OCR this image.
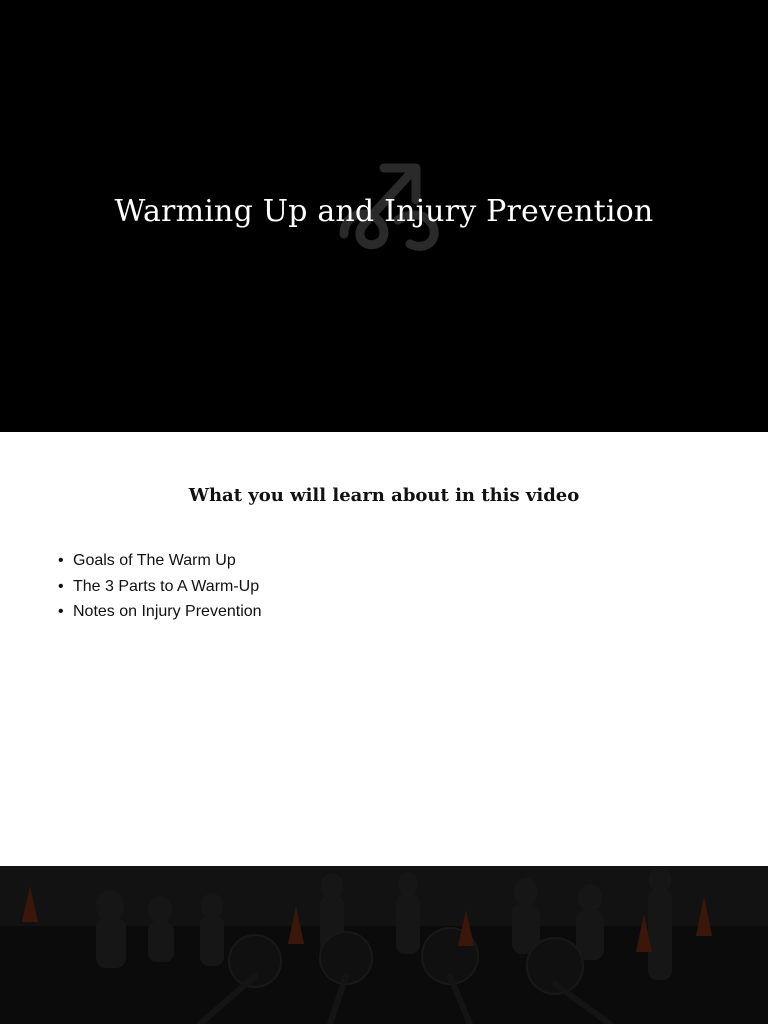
Warming Up and Injury Prevention
What you will learn about in this video
• Goals of The Warm Up
• The 3 Parts to A Warm-Up
• Notes on Injury Prevention
